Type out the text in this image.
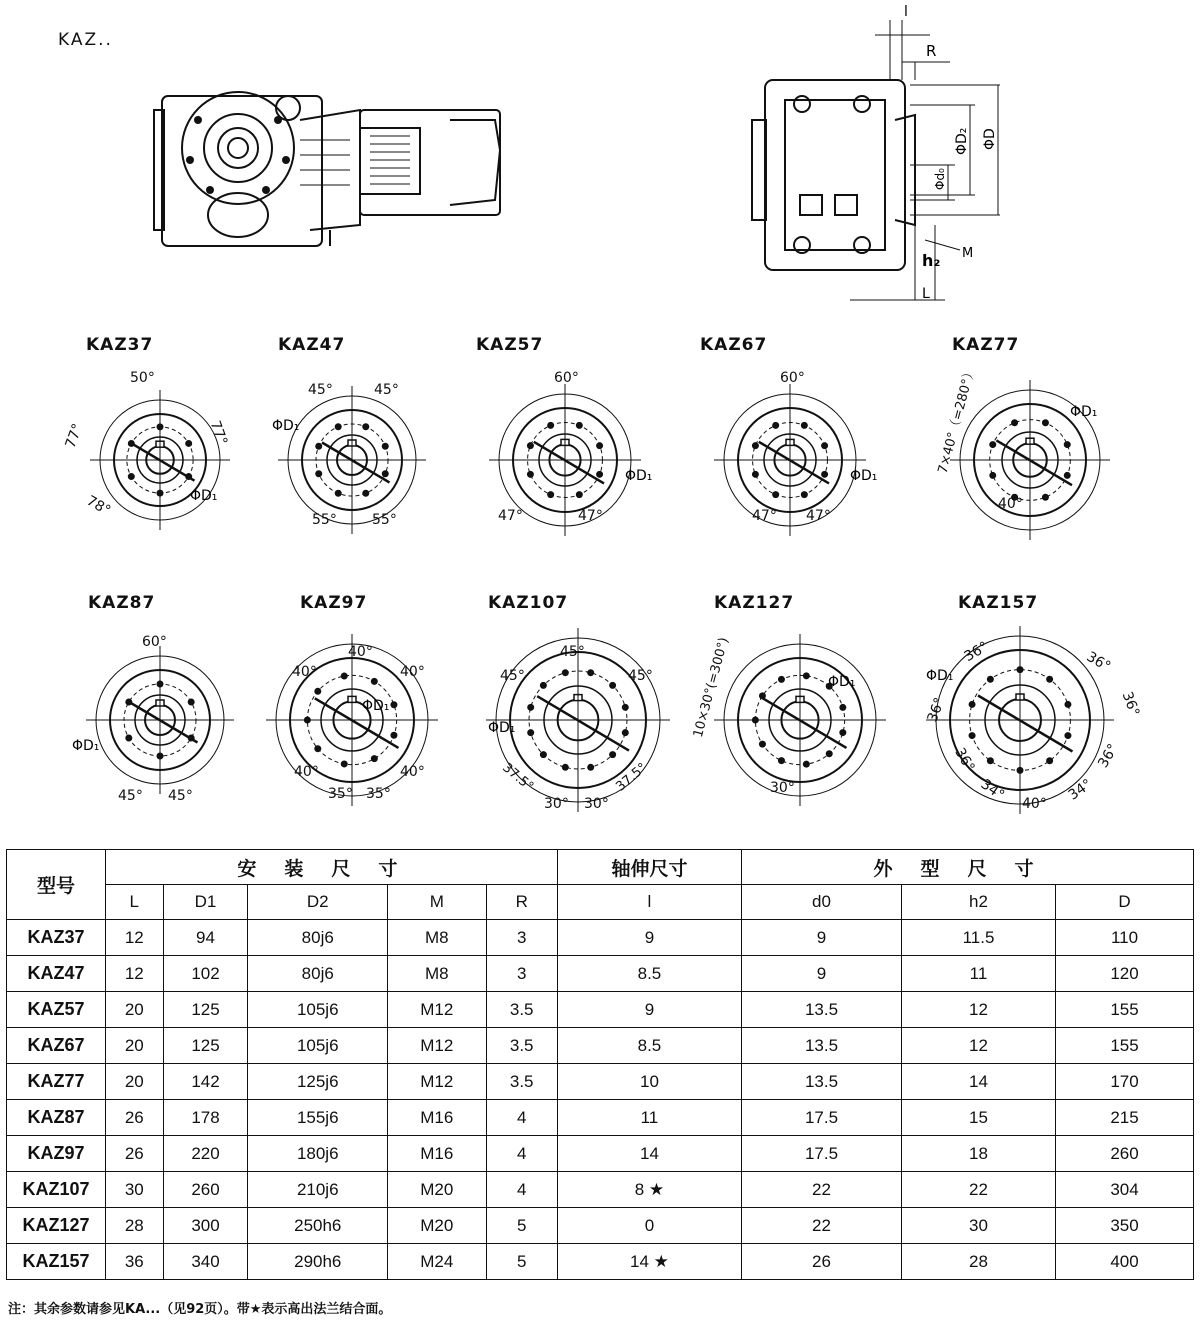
KAZ..
R
l
ΦD₂ ΦD
Φd₀
M
h₂
L
KAZ37	KAZ47	KAZ57	KAZ67	KAZ77
KAZ87	KAZ97	KAZ107	KAZ127	KAZ157
ΦD₁
ΦD₁
ΦD₁	ΦD₁
ΦD₁
ΦD₁
ΦD₁
ΦD₁
ΦD₁	ΦD₁
50°
77°	77°
78°
45°	45°
55°	55°
60°
47°	47°
60°
47° 47°
7×40°（=280°）
40°
60°
45° 45°
40°
40°
40°
40°	40°
35° 35°
45°
45°	45°
37.5°
30° 30°
37.5°
10×30°(=300°)
30°
36°	36°
36°	36°
36°	36°
34°
40°
34°
型号	安装尺寸					轴伸尺寸	外型尺寸		
	L	D1	D2	M	R	l	d0	h2	D
KAZ37	12	94	80j6	M8	3	9	9	11.5	110
KAZ47	12	102	80j6	M8	3	8.5	9	11	120
KAZ57	20	125	105j6	M12	3.5	9	13.5	12	155
KAZ67	20	125	105j6	M12	3.5	8.5	13.5	12	155
KAZ77	20	142	125j6	M12	3.5	10	13.5	14	170
KAZ87	26	178	155j6	M16	4	11	17.5	15	215
KAZ97	26	220	180j6	M16	4	14	17.5	18	260
KAZ107	30	260	210j6	M20	4	8 ★	22	22	304
KAZ127	28	300	250h6	M20	5	0	22	30	350
KAZ157	36	340	290h6	M24	5	14 ★	26	28	400
注：其余参数请参见KA...（见92页）。带★表示高出法兰结合面。
